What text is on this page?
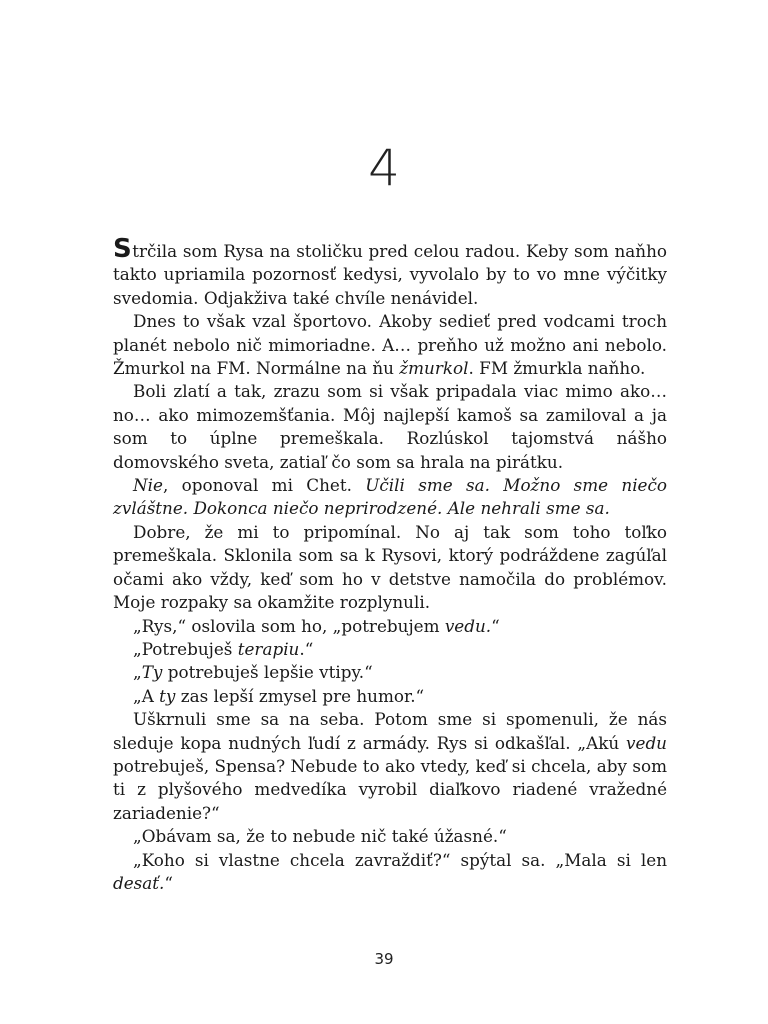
4

Strčila som Rysa na stoličku pred celou radou. Keby som naňho takto upriamila pozornosť kedysi, vyvolalo by to vo mne výčitky svedomia. Odjakživa také chvíle nenávidel.

Dnes to však vzal športovo. Akoby sedieť pred vodcami troch planét nebolo nič mimoriadne. A… preňho už možno ani nebolo. Žmurkol na FM. Normálne na ňu žmurkol. FM žmurkla naňho.

Boli zlatí a tak, zrazu som si však pripadala viac mimo ako… no… ako mimozemšťania. Môj najlepší kamoš sa zamiloval a ja som to úplne premeškala. Rozlúskol tajomstvá nášho domovského sveta, zatiaľ čo som sa hrala na pirátku.

Nie, oponoval mi Chet. Učili sme sa. Možno sme niečo zvláštne. Dokonca niečo neprirodzené. Ale nehrali sme sa.

Dobre, že mi to pripomínal. No aj tak som toho toľko premeškala. Sklonila som sa k Rysovi, ktorý podráždene zagúľal očami ako vždy, keď som ho v detstve namočila do problémov. Moje rozpaky sa okamžite rozplynuli.

„Rys,“ oslovila som ho, „potrebujem vedu.“

„Potrebuješ terapiu.“

„Ty potrebuješ lepšie vtipy.“

„A ty zas lepší zmysel pre humor.“

Uškrnuli sme sa na seba. Potom sme si spomenuli, že nás sleduje kopa nudných ľudí z armády. Rys si odkašľal. „Akú vedu potrebuješ, Spensa? Nebude to ako vtedy, keď si chcela, aby som ti z plyšového medvedíka vyrobil diaľkovo riadené vražedné zariadenie?“

„Obávam sa, že to nebude nič také úžasné.“

„Koho si vlastne chcela zavraždiť?“ spýtal sa. „Mala si len desať.“

39
